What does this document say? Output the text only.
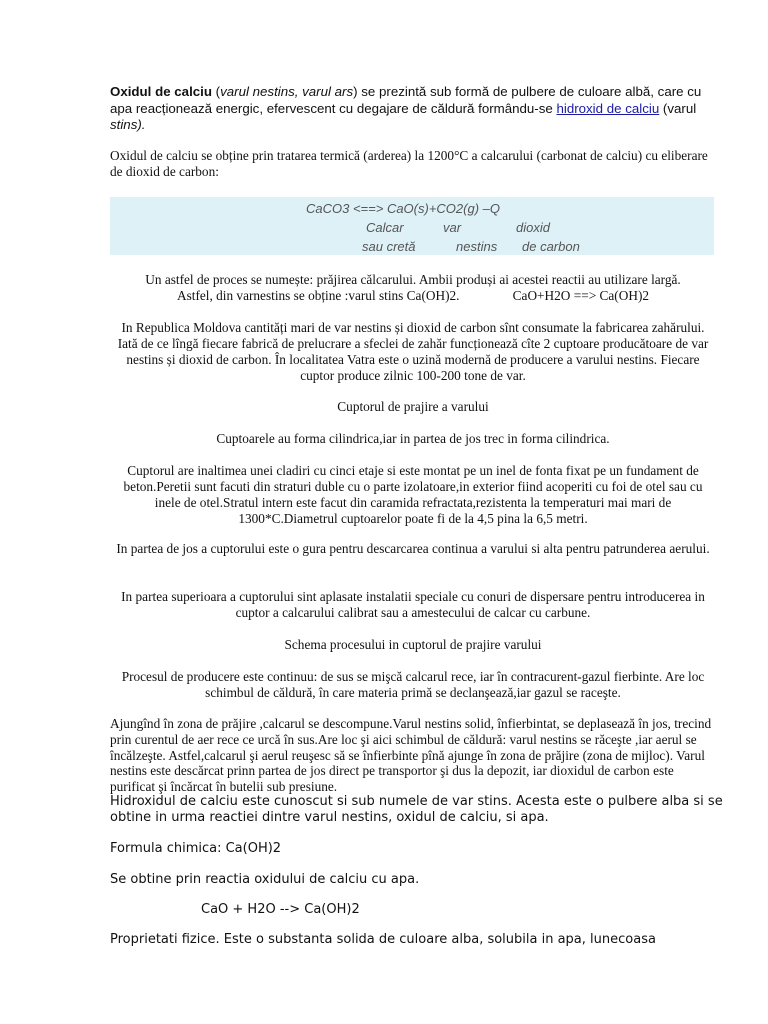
Oxidul de calciu (varul nestins, varul ars) se prezintă sub formă de pulbere de culoare albă, care cu apa reacționează energic, efervescent cu degajare de căldură formându-se hidroxid de calciu (varul stins).

Oxidul de calciu se obține prin tratarea termică (arderea) la 1200°C a calcarului (carbonat de calciu) cu eliberare de dioxid de carbon:

CaCO3 <==> CaO(s)+CO2(g) –Q
Calcar	var	dioxid
sau cretă	nestins de carbon

Un astfel de proces se numește: prăjirea călcarului. Ambii produși ai acestei reactii au utilizare largă.

Astfel, din varnestins se obține :varul stins Ca(OH)2.                CaO+H2O ==> Ca(OH)2

In Republica Moldova cantități mari de var nestins și dioxid de carbon sînt consumate la fabricarea zahărului. Iată de ce lîngă fiecare fabrică de prelucrare a sfeclei de zahăr funcționează cîte 2 cuptoare producătoare de var nestins și dioxid de carbon. În localitatea Vatra este o uzină modernă de producere a varului nestins. Fiecare cuptor produce zilnic 100-200 tone de var.

Cuptorul de prajire a varului

Cuptoarele au forma cilindrica,iar in partea de jos trec in forma cilindrica.

Cuptorul are inaltimea unei cladiri cu cinci etaje si este montat pe un inel de fonta fixat pe un fundament de beton.Peretii sunt facuti din straturi duble cu o parte izolatoare,in exterior fiind acoperiti cu foi de otel sau cu inele de otel.Stratul intern este facut din caramida refractata,rezistenta la temperaturi mai mari de 1300*C.Diametrul cuptoarelor poate fi de la 4,5 pina la 6,5 metri.

In partea de jos a cuptorului este o gura pentru descarcarea continua a varului si alta pentru patrunderea aerului.

In partea superioara a cuptorului sint aplasate instalatii speciale cu conuri de dispersare pentru introducerea in cuptor a calcarului calibrat sau a amestecului de calcar cu carbune.

Schema procesului in cuptorul de prajire varului

Procesul de producere este continuu: de sus se mişcă calcarul rece, iar în contracurent-gazul fierbinte. Are loc schimbul de căldură, în care materia primă se declanşează,iar gazul se raceşte.

Ajungînd în zona de prăjire ,calcarul se descompune.Varul nestins solid, înfierbintat, se deplasează în jos, trecind prin curentul de aer rece ce urcă în sus.Are loc şi aici schimbul de căldură: varul nestins se răceşte ,iar aerul se încălzeşte. Astfel,calcarul şi aerul reuşesc să se înfierbinte pînă ajunge în zona de prăjire (zona de mijloc). Varul nestins este descărcat prinn partea de jos direct pe transportor şi dus la depozit, iar dioxidul de carbon este purificat şi încărcat în butelii sub presiune.

Hidroxidul de calciu este cunoscut si sub numele de var stins. Acesta este o pulbere alba si se obtine in urma reactiei dintre varul nestins, oxidul de calciu, si apa.

Formula chimica: Ca(OH)2

Se obtine prin reactia oxidului de calciu cu apa.

CaO + H2O --> Ca(OH)2

Proprietati fizice. Este o substanta solida de culoare alba, solubila in apa, lunecoasa
